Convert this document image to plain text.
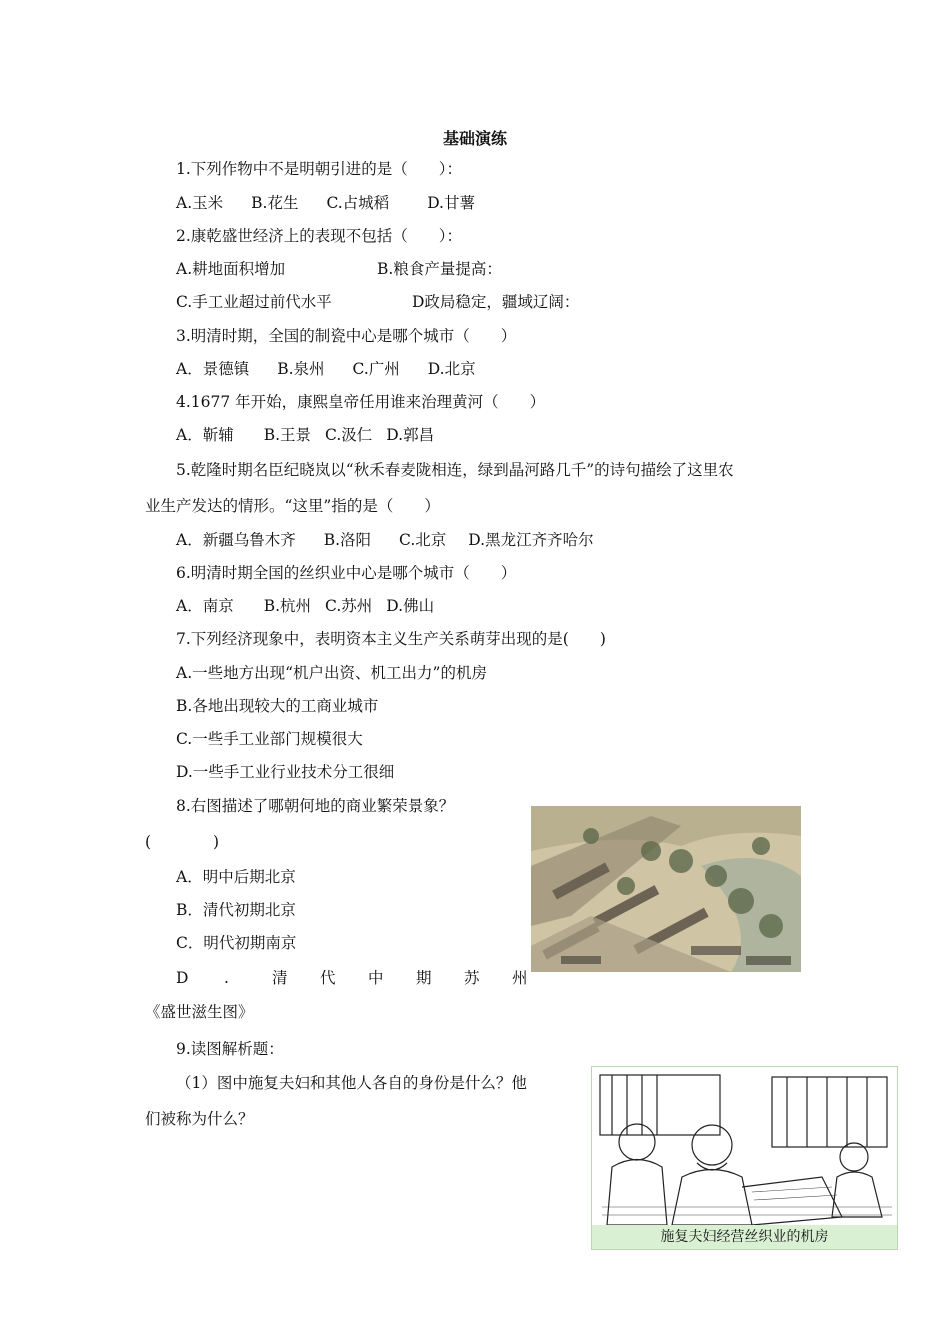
基础演练
1.下列作物中不是明朝引进的是（　　）：
A.玉米 B.花生 C.占城稻 D.甘薯
2.康乾盛世经济上的表现不包括（　　）：
A.耕地面积增加	B.粮食产量提高：
C.手工业超过前代水平	D政局稳定，疆域辽阔：
3.明清时期，全国的制瓷中心是哪个城市（　　）
A．景德镇 B.泉州 C.广州 D.北京
4.1677 年开始，康熙皇帝任用谁来治理黄河（　　）
A．靳辅 B.王景 C.汲仁 D.郭昌
5.乾隆时期名臣纪晓岚以“秋禾春麦陇相连，绿到晶河路几千”的诗句描绘了这里农
业生产发达的情形。“这里”指的是（　　）
A．新疆乌鲁木齐 B.洛阳 C.北京 D.黑龙江齐齐哈尔
6.明清时期全国的丝织业中心是哪个城市（　　）
A．南京 B.杭州 C.苏州 D.佛山
7.下列经济现象中，表明资本主义生产关系萌芽出现的是(　　)
A.一些地方出现“机户出资、机工出力”的机房
B.各地出现较大的工商业城市
C.一些手工业部门规模很大
D.一些手工业行业技术分工很细
8.右图描述了哪朝何地的商业繁荣景象？
(　　　　)
A．明中后期北京
B．清代初期北京
C．明代初期南京
D .	清 代 中 期 苏 州
《盛世滋生图》
9.读图解析题：
（1）图中施复夫妇和其他人各自的身份是什么？他
们被称为什么？
施复夫妇经营丝织业的机房
